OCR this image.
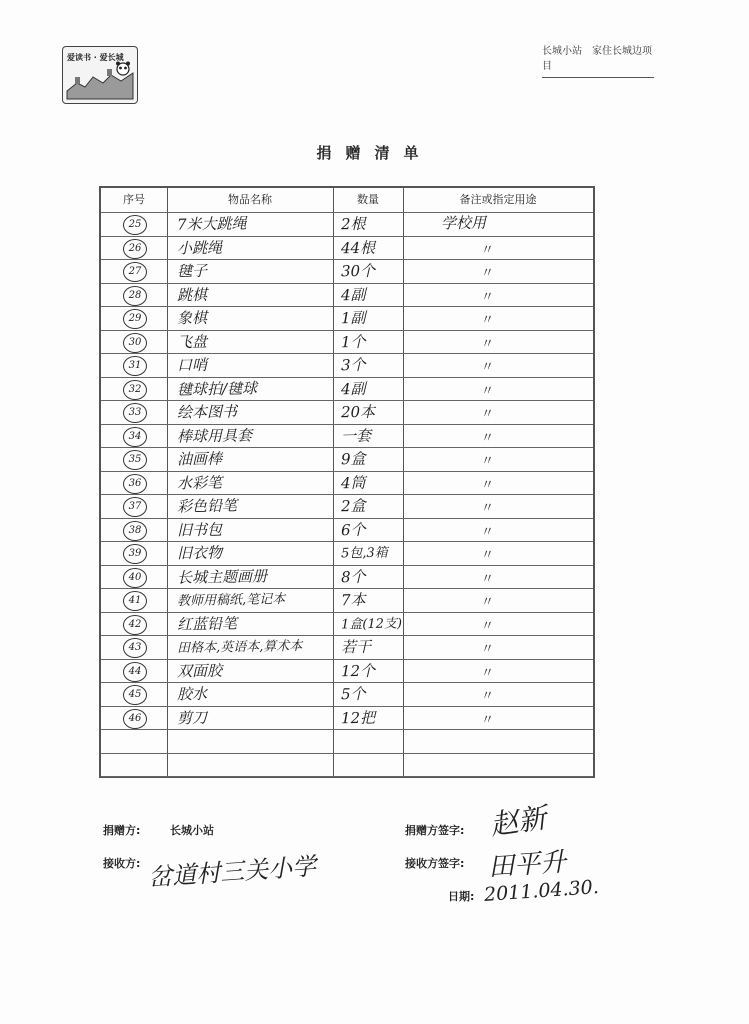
爱读书 · 爱长城
长城小站 家住长城边项目
捐赠清单
序号	物品名称	数量	备注或指定用途
25	7米大跳绳	2根	学校用
26	小跳绳	44根	〃
27	毽子	30个	〃
28	跳棋	4副	〃
29	象棋	1副	〃
30	飞盘	1个	〃
31	口哨	3个	〃
32	毽球拍/毽球	4副	〃
33	绘本图书	20本	〃
34	棒球用具套	一套	〃
35	油画棒	9盒	〃
36	水彩笔	4筒	〃
37	彩色铅笔	2盒	〃
38	旧书包	6个	〃
39	旧衣物	5包,3箱	〃
40	长城主题画册	8个	〃
41	教师用稿纸,笔记本	7本	〃
42	红蓝铅笔	1盒(12支)	〃
43	田格本,英语本,算术本	若干	〃
44	双面胶	12个	〃
45	胶水	5个	〃
46	剪刀	12把	〃
捐赠方:	长城小站
接收方: 岔道村三关小学
捐赠方签字: 赵新
接收方签字: 田平升
日期: 2011.04.30.
